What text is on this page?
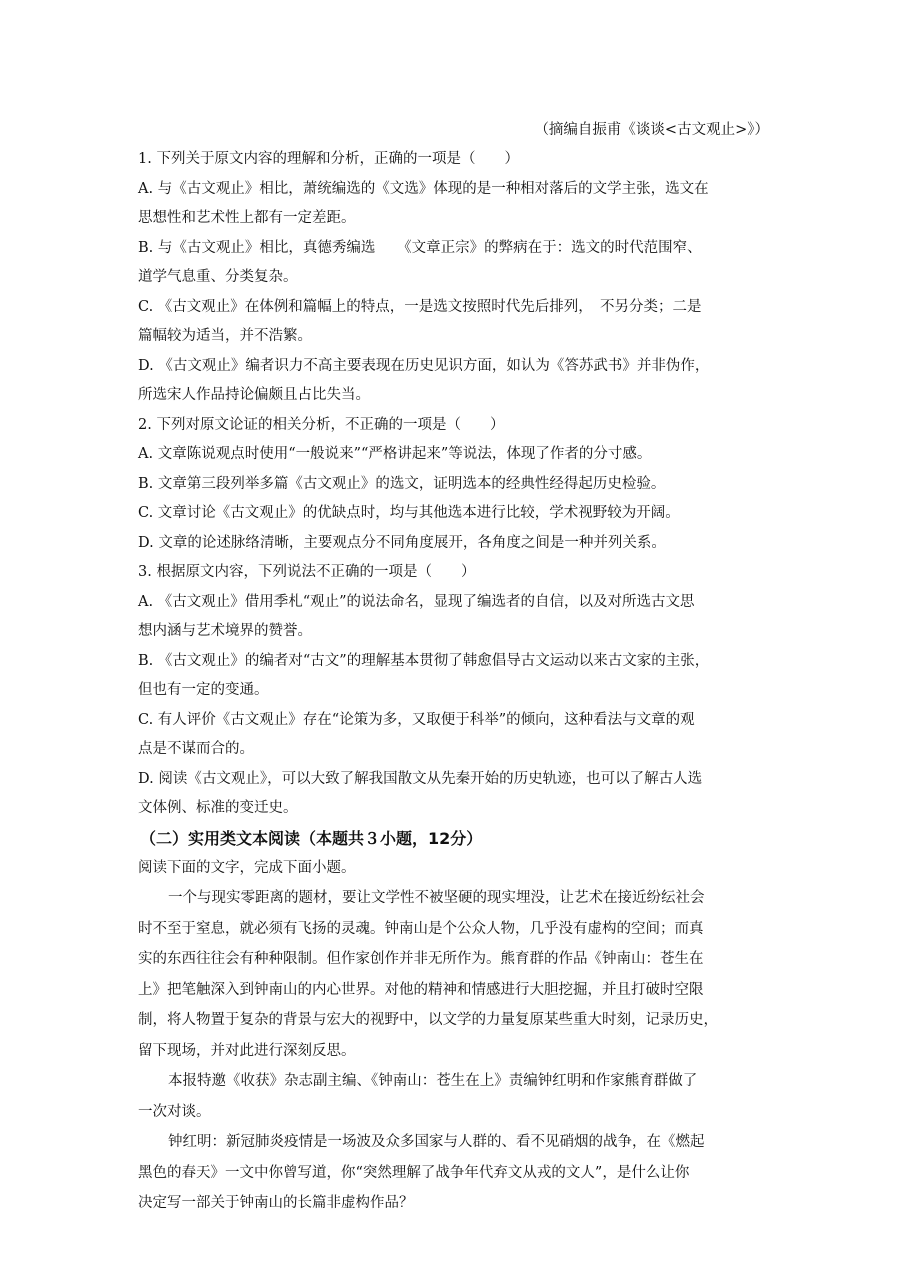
（摘编自振甫《谈谈<古文观止>》）
1. 下列关于原文内容的理解和分析，正确的一项是（　　）
A. 与《古文观止》相比，萧统编选的《文选》体现的是一种相对落后的文学主张，选文在
思想性和艺术性上都有一定差距。
B. 与《古文观止》相比，真德秀编选　　《文章正宗》的弊病在于：选文的时代范围窄、
道学气息重、分类复杂。
C. 《古文观止》在体例和篇幅上的特点，一是选文按照时代先后排列，　不另分类；二是
篇幅较为适当，并不浩繁。
D. 《古文观止》编者识力不高主要表现在历史见识方面，如认为《答苏武书》并非伪作，
所选宋人作品持论偏颇且占比失当。
2. 下列对原文论证的相关分析，不正确的一项是（　　）
A. 文章陈说观点时使用“一般说来”“严格讲起来”等说法，体现了作者的分寸感。
B. 文章第三段列举多篇《古文观止》的选文，证明选本的经典性经得起历史检验。
C. 文章讨论《古文观止》的优缺点时，均与其他选本进行比较，学术视野较为开阔。
D. 文章的论述脉络清晰，主要观点分不同角度展开，各角度之间是一种并列关系。
3. 根据原文内容，下列说法不正确的一项是（　　）
A. 《古文观止》借用季札“观止”的说法命名，显现了编选者的自信，以及对所选古文思
想内涵与艺术境界的赞誉。
B. 《古文观止》的编者对“古文”的理解基本贯彻了韩愈倡导古文运动以来古文家的主张，
但也有一定的变通。
C. 有人评价《古文观止》存在“论策为多，又取便于科举”的倾向，这种看法与文章的观
点是不谋而合的。
D. 阅读《古文观止》，可以大致了解我国散文从先秦开始的历史轨迹，也可以了解古人选
文体例、标准的变迁史。
（二）实用类文本阅读（本题共３小题，12分）
阅读下面的文字，完成下面小题。
一个与现实零距离的题材，要让文学性不被坚硬的现实埋没，让艺术在接近纷纭社会
时不至于窒息，就必须有飞扬的灵魂。钟南山是个公众人物，几乎没有虚构的空间；而真
实的东西往往会有种种限制。但作家创作并非无所作为。熊育群的作品《钟南山：苍生在
上》把笔触深入到钟南山的内心世界。对他的精神和情感进行大胆挖掘，并且打破时空限
制，将人物置于复杂的背景与宏大的视野中，以文学的力量复原某些重大时刻，记录历史，
留下现场，并对此进行深刻反思。
本报特邀《收获》杂志副主编、《钟南山：苍生在上》责编钟红明和作家熊育群做了
一次对谈。
钟红明：新冠肺炎疫情是一场波及众多国家与人群的、看不见硝烟的战争，在《燃起
黑色的春天》一文中你曾写道，你“突然理解了战争年代弃文从戎的文人”，是什么让你
决定写一部关于钟南山的长篇非虚构作品？
